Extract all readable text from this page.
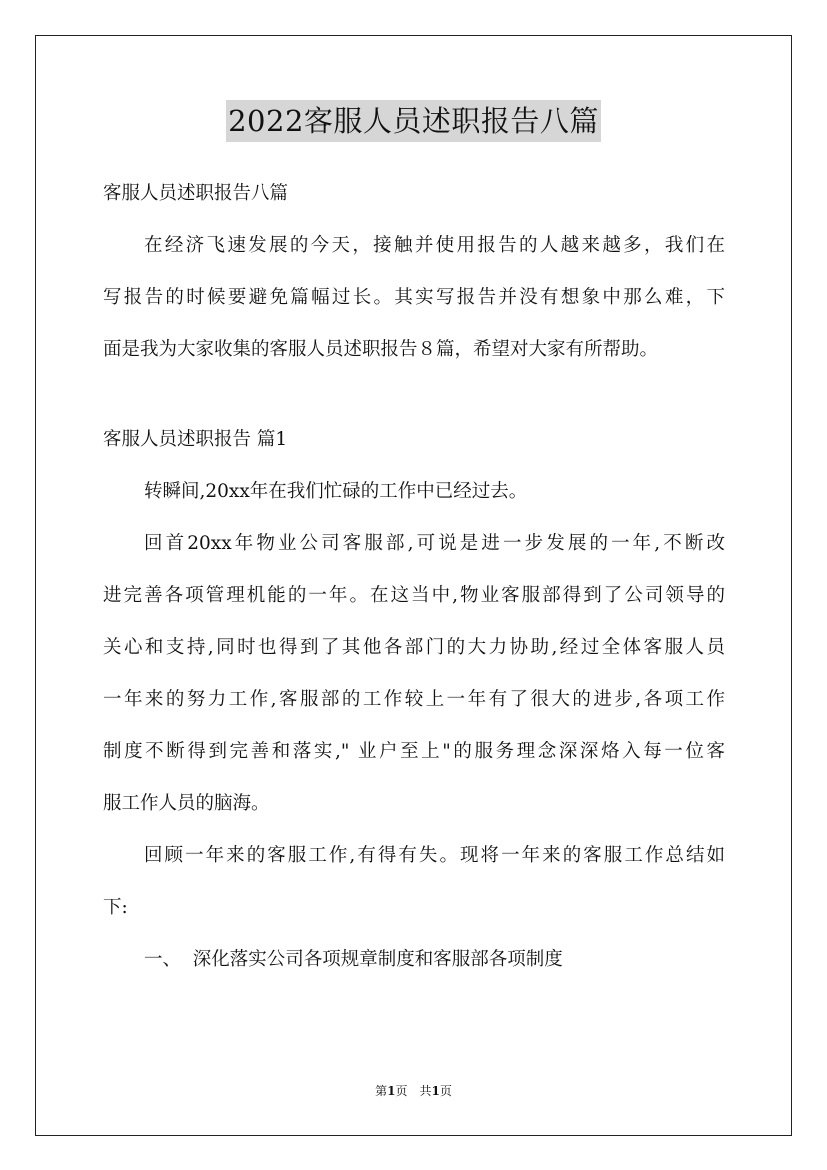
2022客服人员述职报告八篇

客服人员述职报告八篇

在经济飞速发展的今天，接触并使用报告的人越来越多，我们在

写报告的时候要避免篇幅过长。其实写报告并没有想象中那么难，下

面是我为大家收集的客服人员述职报告８篇，希望对大家有所帮助。

客服人员述职报告 篇1

转瞬间,20xx年在我们忙碌的工作中已经过去。

回首20xx年物业公司客服部,可说是进一步发展的一年,不断改

进完善各项管理机能的一年。在这当中,物业客服部得到了公司领导的

关心和支持,同时也得到了其他各部门的大力协助,经过全体客服人员

一年来的努力工作,客服部的工作较上一年有了很大的进步,各项工作

制度不断得到完善和落实," 业户至上"的服务理念深深烙入每一位客

服工作人员的脑海。

回顾一年来的客服工作,有得有失。现将一年来的客服工作总结如

下:

一、  深化落实公司各项规章制度和客服部各项制度

第1页 共1页
